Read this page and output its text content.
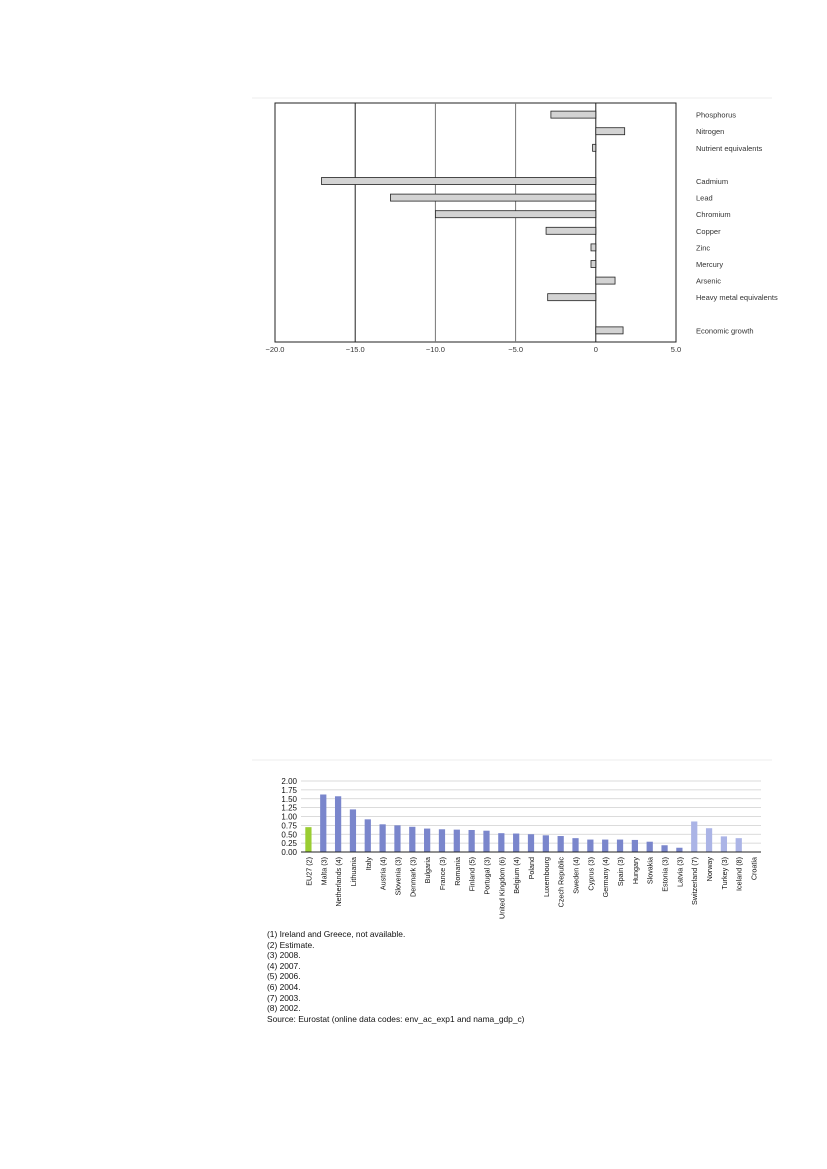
Phosphorus
Nitrogen
Nutrient equivalents
Cadmium
Lead
Chromium
Copper
Zinc
Mercury
Arsenic
Heavy metal equivalents
Economic growth
−20.0	−15.0	−10.0	−5.0	0	5.0
2.00
1.75
1.50
1.25
1.00
0.75
0.50
0.25
0.00
EU27 (2) Malta (3) Netherlands (4) Lithuania Italy Austria (4) Slovenia (3) Denmark (3) Bulgaria France (3) Romania Finland (5) Portugal (3) United Kingdom (6) Belgium (4) Poland Luxembourg Czech Republic Sweden (4) Cyprus (3) Germany (4) Spain (3) Hungary Slovakia Estonia (3) Latvia (3) Switzerland (7) Norway Turkey (3) Iceland (8) Croatia
(1) Ireland and Greece, not available.
(2) Estimate.
(3) 2008.
(4) 2007.
(5) 2006.
(6) 2004.
(7) 2003.
(8) 2002.
Source: Eurostat (online data codes: env_ac_exp1 and nama_gdp_c)
